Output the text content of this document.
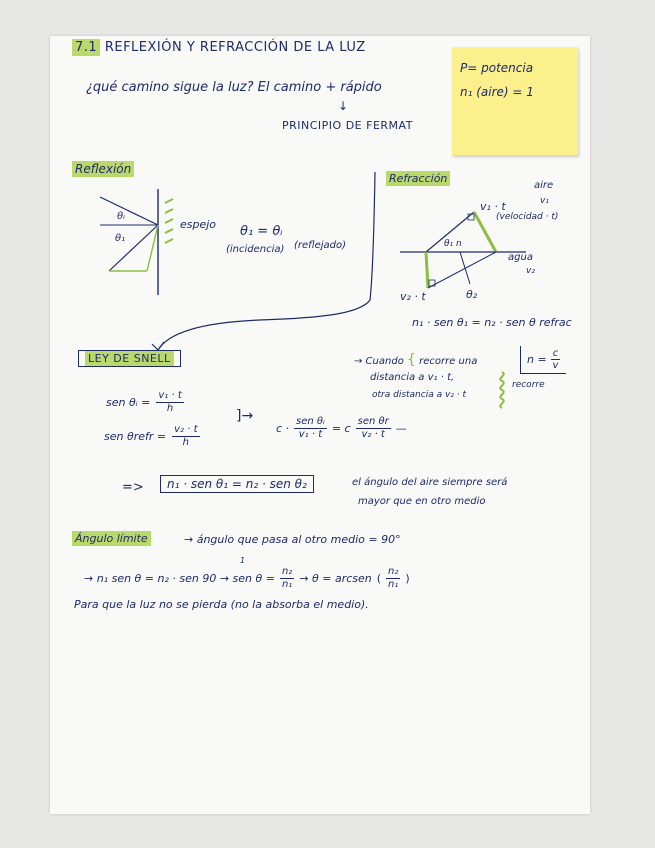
7.1 REFLEXIÓN Y REFRACCIÓN DE LA LUZ
¿qué camino sigue la luz? El camino + rápido
↓
PRINCIPIO DE FERMAT
P= potencia
n₁ (aire) = 1
Reflexión
θᵢ
θ₁
espejo θ₁ = θᵢ
(incidencia) (reflejado)
Refracción
θ₁ n
v₁ · t
aire
v₁
(velocidad · t)
agua
v₂
v₂ · t	θ₂
n₁ · sen θ₁ = n₂ · sen θ refrac
LEY DE SNELL	→ Cuando { recorre una
distancia a v₁ · t,
otra distancia a v₂ · t
recorre
$n = \frac{c}{v}$
sen θᵢ = $\frac{\text{v₁ · t}}{h}$
sen θrefr = $\frac{\text{v₂ · t}}{h}$
]→
c ·
sen θᵢ
v₁ · t = c
sen θr
v₂ · t —
=>	n₁ · sen θ₁ = n₂ · sen θ₂	el ángulo del aire siempre será
mayor que en otro medio
Ángulo límite	→ ángulo que pasa al otro medio = 90°
→ n₁ sen θ = n₂ · sen 90 → sen $\theta = \frac{\text{n₂}}{\text{n₁}} \to \theta$ = arcsen ( $\frac{\text{n₂}}{\text{n₁}}$ )
1
Para que la luz no se pierda (no la absorba el medio).
